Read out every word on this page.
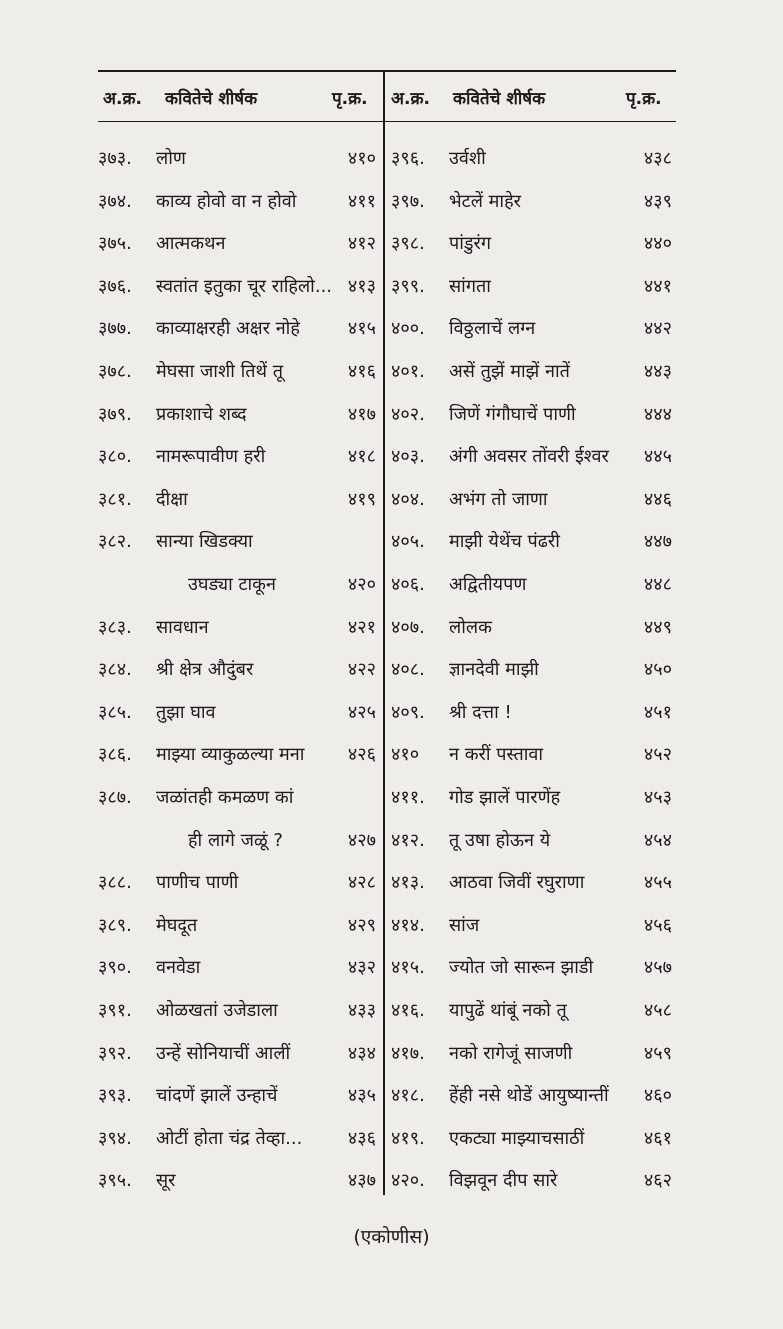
अ.क्र. कवितेचे शीर्षक	पृ.क्र. अ.क्र. कवितेचे शीर्षक	पृ.क्र.
३७३. लोण	४१०
३७४. काव्य होवो वा न होवो	४११
३७५. आत्मकथन	४१२
३७६. स्वतांत इतुका चूर राहिलो... ४१३
३७७. काव्याक्षरही अक्षर नोहे	४१५
३७८. मेघसा जाशी तिथें तू	४१६
३७९. प्रकाशाचे शब्द	४१७
३८०. नामरूपावीण हरी	४१८
३८१. दीक्षा	४१९
३८२. सान्या खिडक्या
उघड्या टाकून	४२०
३८३. सावधान	४२१
३८४. श्री क्षेत्र औदुंबर	४२२
३८५. तुझा घाव	४२५
३८६. माझ्या व्याकुळल्या मना ४२६
३८७. जळांतही कमळण कां
ही लागे जळूं ?	४२७
३८८. पाणीच पाणी	४२८
३८९. मेघदूत	४२९
३९०. वनवेडा	४३२
३९१. ओळखतां उजेडाला	४३३
३९२. उन्हें सोनियाचीं आलीं	४३४
३९३. चांदणें झालें उन्हाचें	४३५
३९४. ओटीं होता चंद्र तेव्हा...	४३६
३९५. सूर	४३७
३९६. उर्वशी	४३८
३९७. भेटलें माहेर	४३९
३९८. पांडुरंग	४४०
३९९. सांगता	४४१
४००. विठ्ठलाचें लग्न	४४२
४०१. असें तुझें माझें नातें	४४३
४०२. जिणें गंगौघाचें पाणी	४४४
४०३. अंगी अवसर तोंवरी ईश्वर ४४५
४०४. अभंग तो जाणा	४४६
४०५. माझी येथेंच पंढरी	४४७
४०६. अद्वितीयपण	४४८
४०७. लोलक	४४९
४०८. ज्ञानदेवी माझी	४५०
४०९. श्री दत्ता !	४५१
४१० न करीं पस्तावा	४५२
४११. गोड झालें पारणेंह	४५३
४१२. तू उषा होऊन ये	४५४
४१३. आठवा जिवीं रघुराणा	४५५
४१४. सांज	४५६
४१५. ज्योत जो सारून झाडी	४५७
४१६. यापुढें थांबूं नको तू	४५८
४१७. नको रागेजूं साजणी	४५९
४१८. हेंही नसे थोडें आयुष्यान्तीं ४६०
४१९. एकट्या माझ्याचसाठीं	४६१
४२०. विझवून दीप सारे	४६२
(एकोणीस)
